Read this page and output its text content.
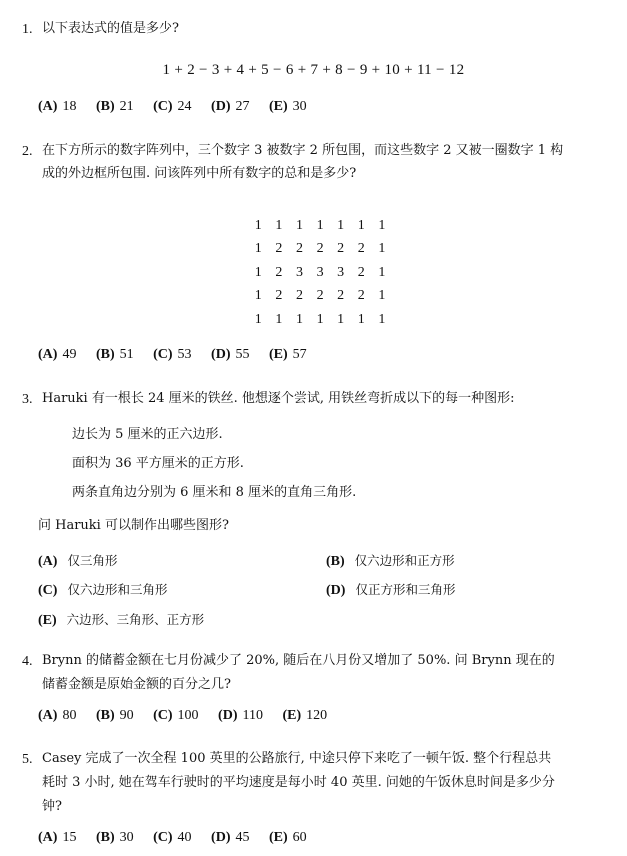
1. 以下表达式的值是多少?
1 + 2 − 3 + 4 + 5 − 6 + 7 + 8 − 9 + 10 + 11 − 12
(A) 18 (B) 21 (C) 24 (D) 27 (E) 30
2. 在下方所示的数字阵列中，三个数字 3 被数字 2 所包围，而这些数字 2 又被一圈数字 1 构
成的外边框所包围. 问该阵列中所有数字的总和是多少?
1	1	1	1	1	1	1
1	2	2	2	2	2	1
1	2	3	3	3	2	1
1	2	2	2	2	2	1
1	1	1	1	1	1	1
(A) 49 (B) 51 (C) 53 (D) 55 (E) 57
3. Haruki 有一根长 24 厘米的铁丝. 他想逐个尝试, 用铁丝弯折成以下的每一种图形:
边长为 5 厘米的正六边形.
面积为 36 平方厘米的正方形.
两条直角边分别为 6 厘米和 8 厘米的直角三角形.
问 Haruki 可以制作出哪些图形?
(A) 仅三角形	(B) 仅六边形和正方形
(C) 仅六边形和三角形	(D) 仅正方形和三角形
(E) 六边形、三角形、正方形
4. Brynn 的储蓄金额在七月份减少了 20%, 随后在八月份又增加了 50%. 问 Brynn 现在的
储蓄金额是原始金额的百分之几?
(A) 80 (B) 90 (C) 100 (D) 110 (E) 120
5. Casey 完成了一次全程 100 英里的公路旅行, 中途只停下来吃了一顿午饭. 整个行程总共
耗时 3 小时, 她在驾车行驶时的平均速度是每小时 40 英里. 问她的午饭休息时间是多少分
钟?
(A) 15 (B) 30 (C) 40 (D) 45 (E) 60
